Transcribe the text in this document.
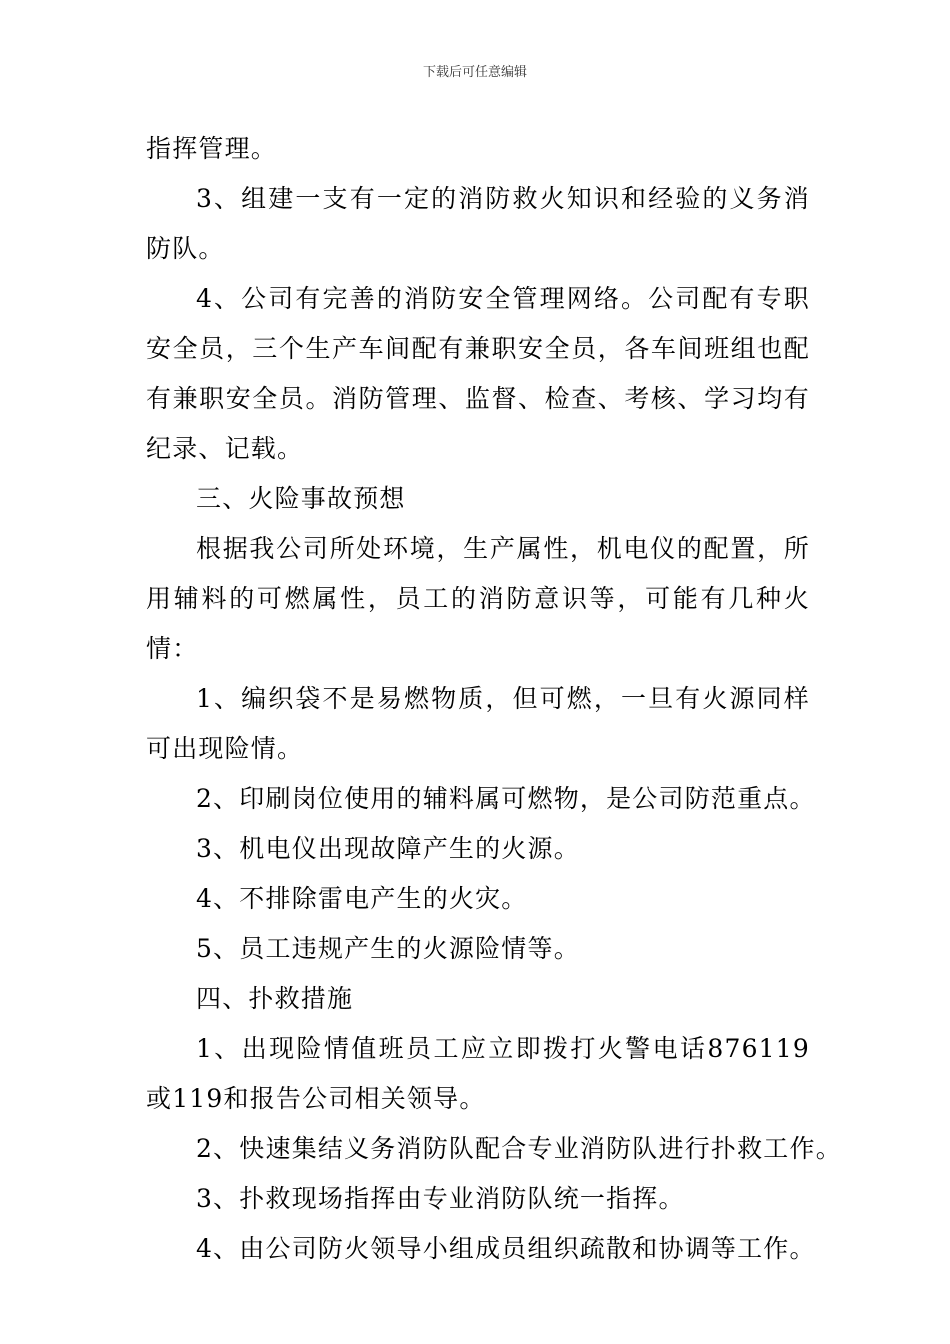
下载后可任意编辑

指挥管理。

3、组建一支有一定的消防救火知识和经验的义务消防队。

4、公司有完善的消防安全管理网络。公司配有专职安全员，三个生产车间配有兼职安全员，各车间班组也配有兼职安全员。消防管理、监督、检查、考核、学习均有纪录、记载。

三、火险事故预想

根据我公司所处环境，生产属性，机电仪的配置，所用辅料的可燃属性，员工的消防意识等，可能有几种火情：

1、编织袋不是易燃物质，但可燃，一旦有火源同样可出现险情。

2、印刷岗位使用的辅料属可燃物，是公司防范重点。

3、机电仪出现故障产生的火源。

4、不排除雷电产生的火灾。

5、员工违规产生的火源险情等。

四、扑救措施

1、出现险情值班员工应立即拨打火警电话876119或119和报告公司相关领导。

2、快速集结义务消防队配合专业消防队进行扑救工作。

3、扑救现场指挥由专业消防队统一指挥。

4、由公司防火领导小组成员组织疏散和协调等工作。
